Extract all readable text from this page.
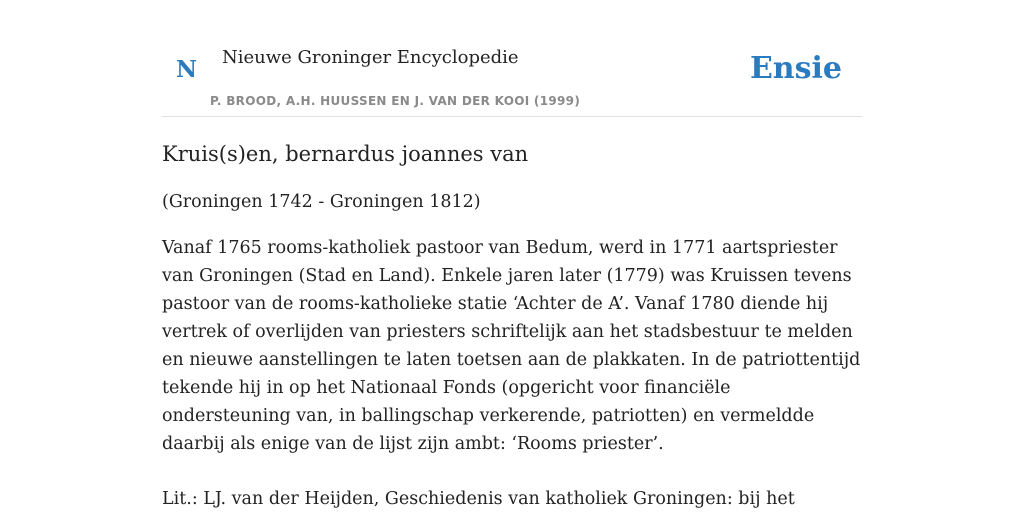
N Nieuwe Groninger Encyclopedie
P. BROOD, A.H. HUUSSEN EN J. VAN DER KOOI (1999)
Ensie
Kruis(s)en, bernardus joannes van

(Groningen 1742 - Groningen 1812)

Vanaf 1765 rooms-katholiek pastoor van Bedum, werd in 1771 aartspriester van Groningen (Stad en Land). Enkele jaren later (1779) was Kruissen tevens pastoor van de rooms-katholieke statie ‘Achter de A’. Vanaf 1780 diende hij vertrek of overlijden van priesters schriftelijk aan het stadsbestuur te melden en nieuwe aanstellingen te laten toetsen aan de plakkaten. In de patriottentijd tekende hij in op het Nationaal Fonds (opgericht voor financiële ondersteuning van, in ballingschap verkerende, patriotten) en vermeldde daarbij als enige van de lijst zijn ambt: ‘Rooms priester’.

Lit.: LJ. van der Heijden, Geschiedenis van katholiek Groningen: bij het
